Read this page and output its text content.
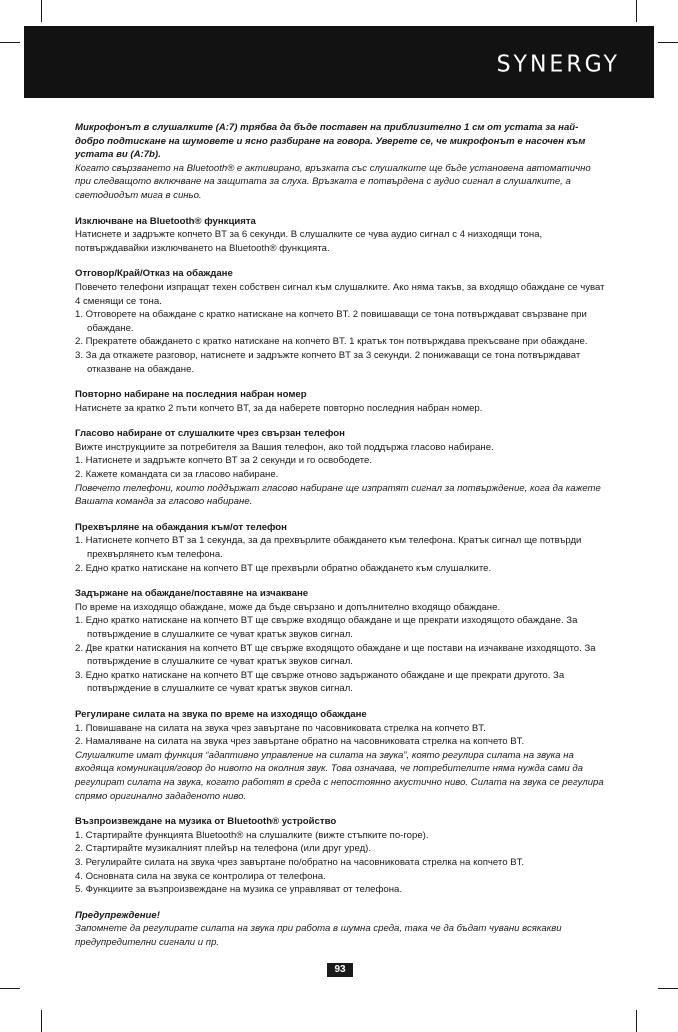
SYNERGY

Микрофонът в слушалките (A:7) трябва да бъде поставен на приблизително 1 см от устата за най-добро подтискане на шумовете и ясно разбиране на говора. Уверете се, че микрофонът е насочен към устата ви (A:7b).

Когато свързването на Bluetooth® е активирано, връзката със слушалките ще бъде установена автоматично при следващото включване на защитата за слуха. Връзката е потвърдена с аудио сигнал в слушалките, а светодиодът мига в синьо.

Изключване на Bluetooth® функцията

Натиснете и задръжте копчето BT за 6 секунди. В слушалките се чува аудио сигнал с 4 низходящи тона, потвърждавайки изключването на Bluetooth® функцията.

Отговор/Край/Отказ на обаждане

Повечето телефони изпращат техен собствен сигнал към слушалките. Ако няма такъв, за входящо обаждане се чуват 4 сменящи се тона.

1. Отговорете на обаждане с кратко натискане на копчето BT. 2 повишаващи се тона потвърждават свързване при обаждане.

2. Прекратете обаждането с кратко натискане на копчето BT. 1 кратък тон потвърждава прекъсване при обаждане.

3. За да откажете разговор, натиснете и задръжте копчето BT за 3 секунди. 2 понижаващи се тона потвърждават отказване на обаждане.

Повторно набиране на последния набран номер

Натиснете за кратко 2 пъти копчето BT, за да наберете повторно последния набран номер.

Гласово набиране от слушалките чрез свързан телефон

Вижте инструкциите за потребителя за Вашия телефон, ако той поддържа гласово набиране.

1. Натиснете и задръжте копчето BT за 2 секунди и го освободете.

2. Кажете командата си за гласово набиране.

Повечето телефони, които поддържат гласово набиране ще изпратят сигнал за потвърждение, кога да кажете Вашата команда за гласово набиране.

Прехвърляне на обаждания към/от телефон

1. Натиснете копчето BT за 1 секунда, за да прехвърлите обаждането към телефона. Кратък сигнал ще потвърди прехвърлянето към телефона.

2. Едно кратко натискане на копчето BT ще прехвърли обратно обаждането към слушалките.

Задържане на обаждане/поставяне на изчакване

По време на изходящо обаждане, може да бъде свързано и допълнително входящо обаждане.

1. Едно кратко натискане на копчето BT ще свърже входящо обаждане и ще прекрати изходящото обаждане. За потвърждение в слушалките се чуват кратък звуков сигнал.

2. Две кратки натискания на копчето BT ще свърже входящото обаждане и ще постави на изчакване изходящото. За потвърждение в слушалките се чуват кратък звуков сигнал.

3. Едно кратко натискане на копчето BT ще свърже отново задържаното обаждане и ще прекрати другото. За потвърждение в слушалките се чуват кратък звуков сигнал.

Регулиране силата на звука по време на изходящо обаждане

1. Повишаване на силата на звука чрез завъртане по часовниковата стрелка на копчето BT.

2. Намаляване на силата на звука чрез завъртане обратно на часовниковата стрелка на копчето BT.

Слушалките имат функция “адаптивно управление на силата на звука”, която регулира силата на звука на входяща комуникация/говор до нивото на околния звук. Това означава, че потребителите няма нужда сами да регулират силата на звука, когато работят в среда с непостоянно акустично ниво. Силата на звука се регулира спрямо оригинално зададеното ниво.

Възпроизвеждане на музика от Bluetooth® устройство

1. Стартирайте функцията Bluetooth® на слушалките (вижте стъпките по-горе).

2. Стартирайте музикалният плейър на телефона (или друг уред).

3. Регулирайте силата на звука чрез завъртане по/обратно на часовниковата стрелка на копчето BT.

4. Основната сила на звука се контролира от телефона.

5. Функциите за възпроизвеждане на музика се управляват от телефона.

Предупреждение!

Запомнете да регулирате силата на звука при работа в шумна среда, така че да бъдат чувани всякакви предупредителни сигнали и пр.

93
